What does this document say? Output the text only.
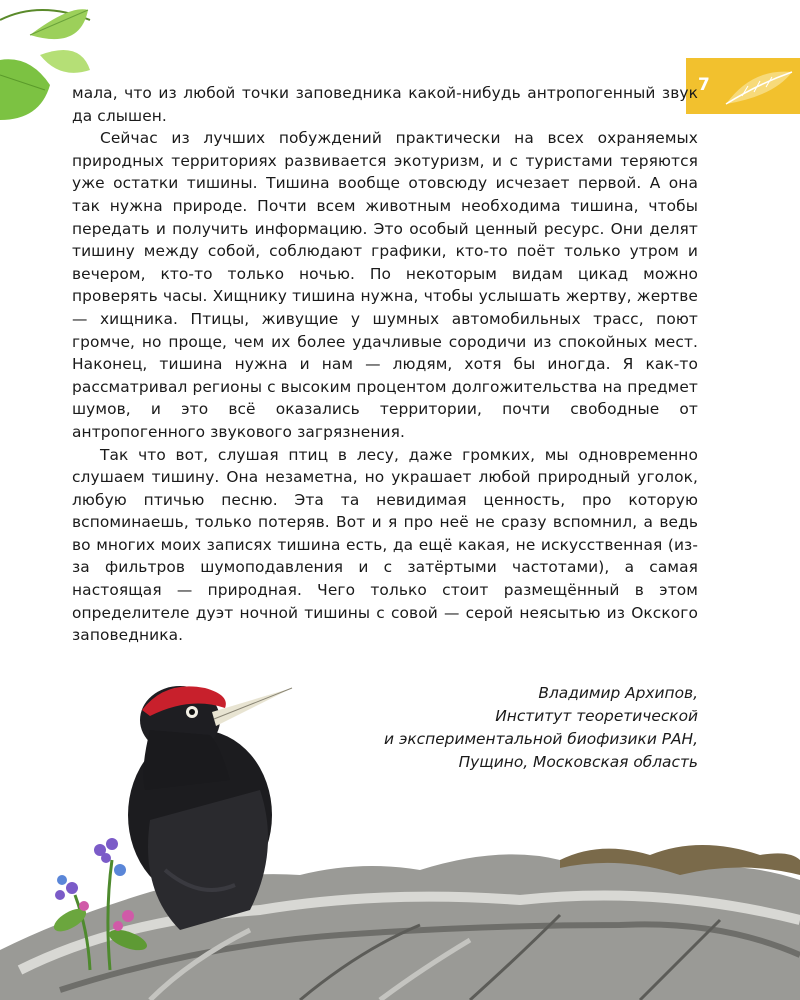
7

мала, что из любой точки заповедника какой-нибудь антропогенный звук да слышен.

Сейчас из лучших побуждений практически на всех охраняемых природных территориях развивается экотуризм, и с туристами теряются уже остатки тишины. Тишина вообще отовсюду исчезает первой. А она так нужна природе. Почти всем животным необходима тишина, чтобы передать и получить информацию. Это особый ценный ресурс. Они делят тишину между собой, соблюдают графики, кто-то поёт только утром и вечером, кто-то только ночью. По некоторым видам цикад можно проверять часы. Хищнику тишина нужна, чтобы услышать жертву, жертве — хищника. Птицы, живущие у шумных автомобильных трасс, поют громче, но проще, чем их более удачливые сородичи из спокойных мест. Наконец, тишина нужна и нам — людям, хотя бы иногда. Я как-то рассматривал регионы с высоким процентом долгожительства на предмет шумов, и это всё оказались территории, почти свободные от антропогенного звукового загрязнения.

Так что вот, слушая птиц в лесу, даже громких, мы одновременно слушаем тишину. Она незаметна, но украшает любой природный уголок, любую птичью песню. Эта та невидимая ценность, про которую вспоминаешь, только потеряв. Вот и я про неё не сразу вспомнил, а ведь во многих моих записях тишина есть, да ещё какая, не искусственная (из-за фильтров шумоподавления и с затёртыми частотами), а самая настоящая — природная. Чего только стоит размещённый в этом определителе дуэт ночной тишины с совой — серой неясытью из Окского заповедника.

Владимир Архипов,
Институт теоретической
и экспериментальной биофизики РАН,
Пущино, Московская область
